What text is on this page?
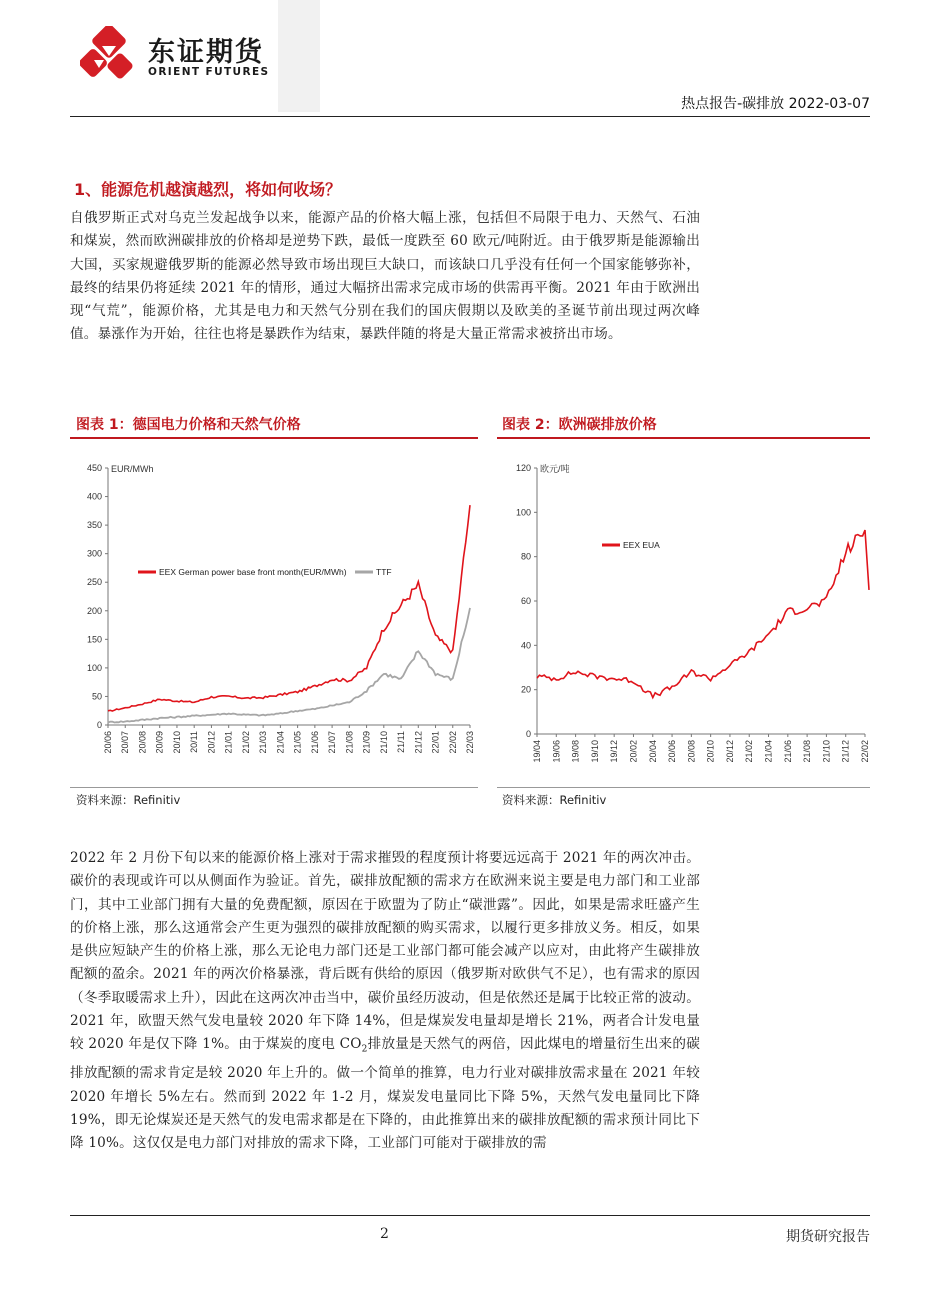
东证期货
ORIENT FUTURES
热点报告-碳排放 2022-03-07
1、能源危机越演越烈，将如何收场？
自俄罗斯正式对乌克兰发起战争以来，能源产品的价格大幅上涨，包括但不局限于电力、天然气、石油和煤炭，然而欧洲碳排放的价格却是逆势下跌，最低一度跌至 60 欧元/吨附近。由于俄罗斯是能源输出大国，买家规避俄罗斯的能源必然导致市场出现巨大缺口，而该缺口几乎没有任何一个国家能够弥补，最终的结果仍将延续 2021 年的情形，通过大幅挤出需求完成市场的供需再平衡。2021 年由于欧洲出现“气荒”，能源价格，尤其是电力和天然气分别在我们的国庆假期以及欧美的圣诞节前出现过两次峰值。暴涨作为开始，往往也将是暴跌作为结束，暴跌伴随的将是大量正常需求被挤出市场。
图表 1：德国电力价格和天然气价格
0
50
100
150
200
250
300
350
400
450 EUR/MWh
20/06 20/07 20/08 20/09 20/10 20/11 20/12 21/01 21/02 21/03 21/04 21/05 21/06 21/07 21/08 21/09 21/10 21/11 21/12 22/01 22/02 22/03
EEX German power base front month(EUR/MWh)	TTF
资料来源：Refinitiv
图表 2：欧洲碳排放价格
0
20
40
60
80
100
120 欧元/吨
19/04 19/06 19/08 19/10 19/12 20/02 20/04 20/06 20/08 20/10 20/12 21/02 21/04 21/06 21/08 21/10 21/12 22/02
EEX EUA
资料来源：Refinitiv
2022 年 2 月份下旬以来的能源价格上涨对于需求摧毁的程度预计将要远远高于 2021 年的两次冲击。碳价的表现或许可以从侧面作为验证。首先，碳排放配额的需求方在欧洲来说主要是电力部门和工业部门，其中工业部门拥有大量的免费配额，原因在于欧盟为了防止“碳泄露”。因此，如果是需求旺盛产生的价格上涨，那么这通常会产生更为强烈的碳排放配额的购买需求，以履行更多排放义务。相反，如果是供应短缺产生的价格上涨，那么无论电力部门还是工业部门都可能会减产以应对，由此将产生碳排放配额的盈余。2021 年的两次价格暴涨，背后既有供给的原因（俄罗斯对欧供气不足），也有需求的原因（冬季取暖需求上升），因此在这两次冲击当中，碳价虽经历波动，但是依然还是属于比较正常的波动。2021 年，欧盟天然气发电量较 2020 年下降 14%，但是煤炭发电量却是增长 21%，两者合计发电量较 2020 年是仅下降 1%。由于煤炭的度电 $CO_2$排放量是天然气的两倍，因此煤电的增量衍生出来的碳排放配额的需求肯定是较 2020 年上升的。做一个简单的推算，电力行业对碳排放需求量在 2021 年较 2020 年增长 5%左右。然而到 2022 年 1-2 月，煤炭发电量同比下降 5%，天然气发电量同比下降 19%，即无论煤炭还是天然气的发电需求都是在下降的，由此推算出来的碳排放配额的需求预计同比下降 10%。这仅仅是电力部门对排放的需求下降，工业部门可能对于碳排放的需
2	期货研究报告
